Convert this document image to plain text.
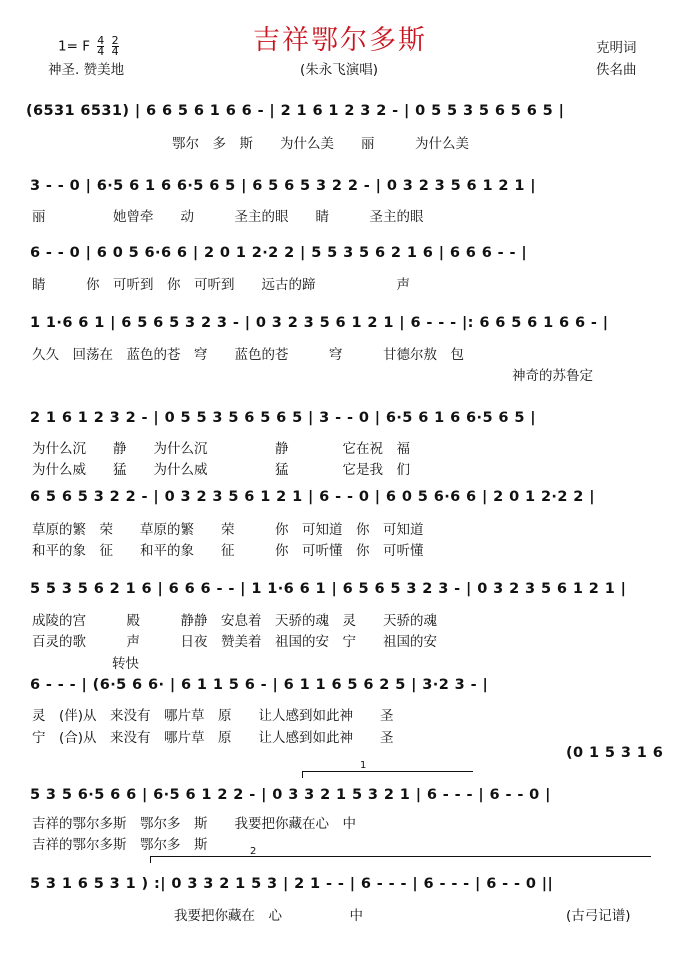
吉祥鄂尔多斯
1= F $\frac{4}{4}$
$\frac{2}{4}$
神圣. 赞美地	(朱永飞演唱)
克明词
佚名曲
(6531 6531) | 6 6 5 6 1 6 6 - | 2 1 6 1 2 3 2 - | 0 5 5 3 5 6 5 6 5 |
鄂尔　多　斯　　为什么美　　丽　　　为什么美
3 - - 0 | 6·5 6 1 6 6·5 6 5 | 6 5 6 5 3 2 2 - | 0 3 2 3 5 6 1 2 1 |
丽　　　　　她曾牵　　动　　　圣主的眼　　睛　　　圣主的眼
6 - - 0 | 6 0 5 6·6 6 | 2 0 1 2·2 2 | 5 5 3 5 6 2 1 6 | 6 6 6 - - |
睛　　　你　可听到　你　可听到　　远古的蹄　　　　　　声
1 1·6 6 1 | 6 5 6 5 3 2 3 - | 0 3 2 3 5 6 1 2 1 | 6 - - - |: 6 6 5 6 1 6 6 - |
久久　回荡在　蓝色的苍　穹　　蓝色的苍　　　穹　　　甘德尔敖　包
神奇的苏鲁定
2 1 6 1 2 3 2 - | 0 5 5 3 5 6 5 6 5 | 3 - - 0 | 6·5 6 1 6 6·5 6 5 |
为什么沉　　静　　为什么沉　　　　　静　　　　它在祝　福
为什么威　　猛　　为什么威　　　　　猛　　　　它是我　们
6 5 6 5 3 2 2 - | 0 3 2 3 5 6 1 2 1 | 6 - - 0 | 6 0 5 6·6 6 | 2 0 1 2·2 2 |
草原的繁　荣　　草原的繁　　荣　　　你　可知道　你　可知道
和平的象　征　　和平的象　　征　　　你　可听懂　你　可听懂
5 5 3 5 6 2 1 6 | 6 6 6 - - | 1 1·6 6 1 | 6 5 6 5 3 2 3 - | 0 3 2 3 5 6 1 2 1 |
成陵的宫　　　殿　　　静静　安息着　天骄的魂　灵　　天骄的魂
百灵的歌　　　声　　　日夜　赞美着　祖国的安　宁　　祖国的安
转快
6 - - - | (6·5 6 6· | 6 1 1 5 6 - | 6 1 1 6 5 6 2 5 | 3·2 3 - |
灵　(伴)从　来没有　哪片草　原　　让人感到如此神　　圣
宁　(合)从　来没有　哪片草　原　　让人感到如此神　　圣
(0 1 5 3 1 6
1
5 3 5 6·5 6 6 | 6·5 6 1 2 2 - | 0 3 3 2 1 5 3 2 1 | 6 - - - | 6 - - 0 |
吉祥的鄂尔多斯　鄂尔多　斯　　我要把你藏在心　中
吉祥的鄂尔多斯　鄂尔多　斯	2
5 3 1 6 5 3 1 ) :| 0 3 3 2 1 5 3 | 2 1 - - | 6 - - - | 6 - - - | 6 - - 0 ||
我要把你藏在　心　　　　　中	(古弓记谱)
